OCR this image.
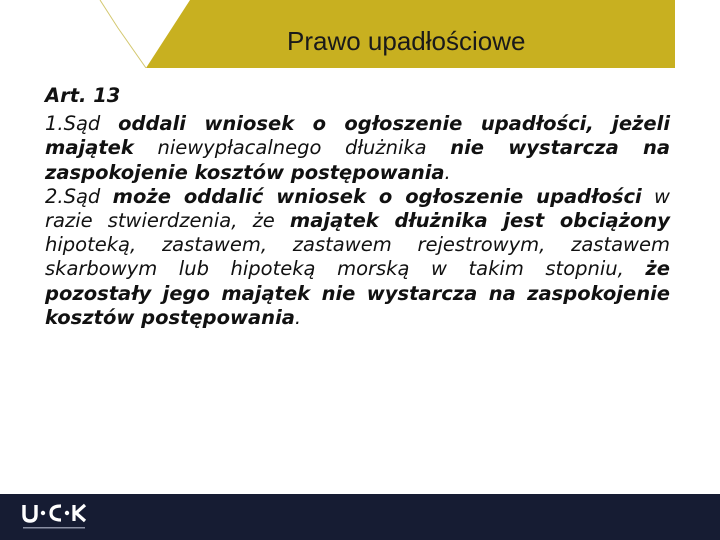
Prawo upadłościowe
Art. 13

1.Sąd oddali wniosek o ogłoszenie upadłości, jeżeli majątek niewypłacalnego dłużnika nie wystarcza na zaspokojenie kosztów postępowania.

2.Sąd może oddalić wniosek o ogłoszenie upadłości w razie stwierdzenia, że majątek dłużnika jest obciążony hipoteką, zastawem, zastawem rejestrowym, zastawem skarbowym lub hipoteką morską w takim stopniu, że pozostały jego majątek nie wystarcza na zaspokojenie kosztów postępowania.
